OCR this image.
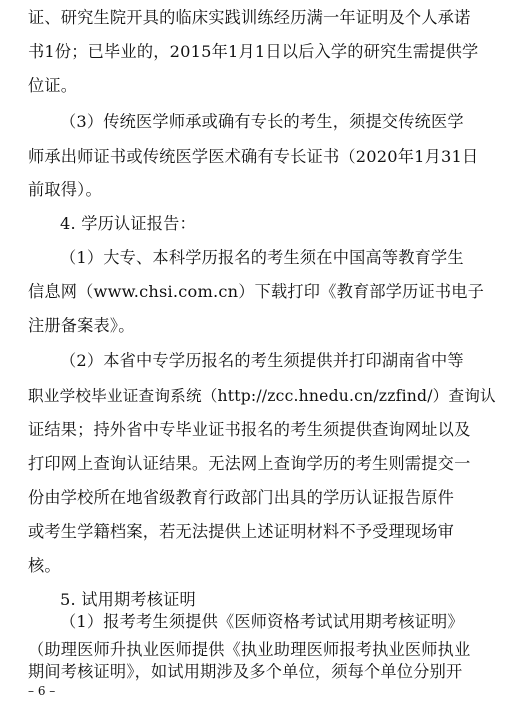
证、研究生院开具的临床实践训练经历满一年证明及个人承诺
书1份；已毕业的，2015年1月1日以后入学的研究生需提供学
位证。
（3）传统医学师承或确有专长的考生，须提交传统医学
师承出师证书或传统医学医术确有专长证书（2020年1月31日
前取得）。
4. 学历认证报告：
（1）大专、本科学历报名的考生须在中国高等教育学生
信息网（www.chsi.com.cn）下载打印《教育部学历证书电子
注册备案表》。
（2）本省中专学历报名的考生须提供并打印湖南省中等
职业学校毕业证查询系统（http://zcc.hnedu.cn/zzfind/）查询认
证结果；持外省中专毕业证书报名的考生须提供查询网址以及
打印网上查询认证结果。无法网上查询学历的考生则需提交一
份由学校所在地省级教育行政部门出具的学历认证报告原件
或考生学籍档案，若无法提供上述证明材料不予受理现场审
核。
5. 试用期考核证明
（1）报考考生须提供《医师资格考试试用期考核证明》
（助理医师升执业医师提供《执业助理医师报考执业医师执业
期间考核证明》，如试用期涉及多个单位，须每个单位分别开
– 6 –
